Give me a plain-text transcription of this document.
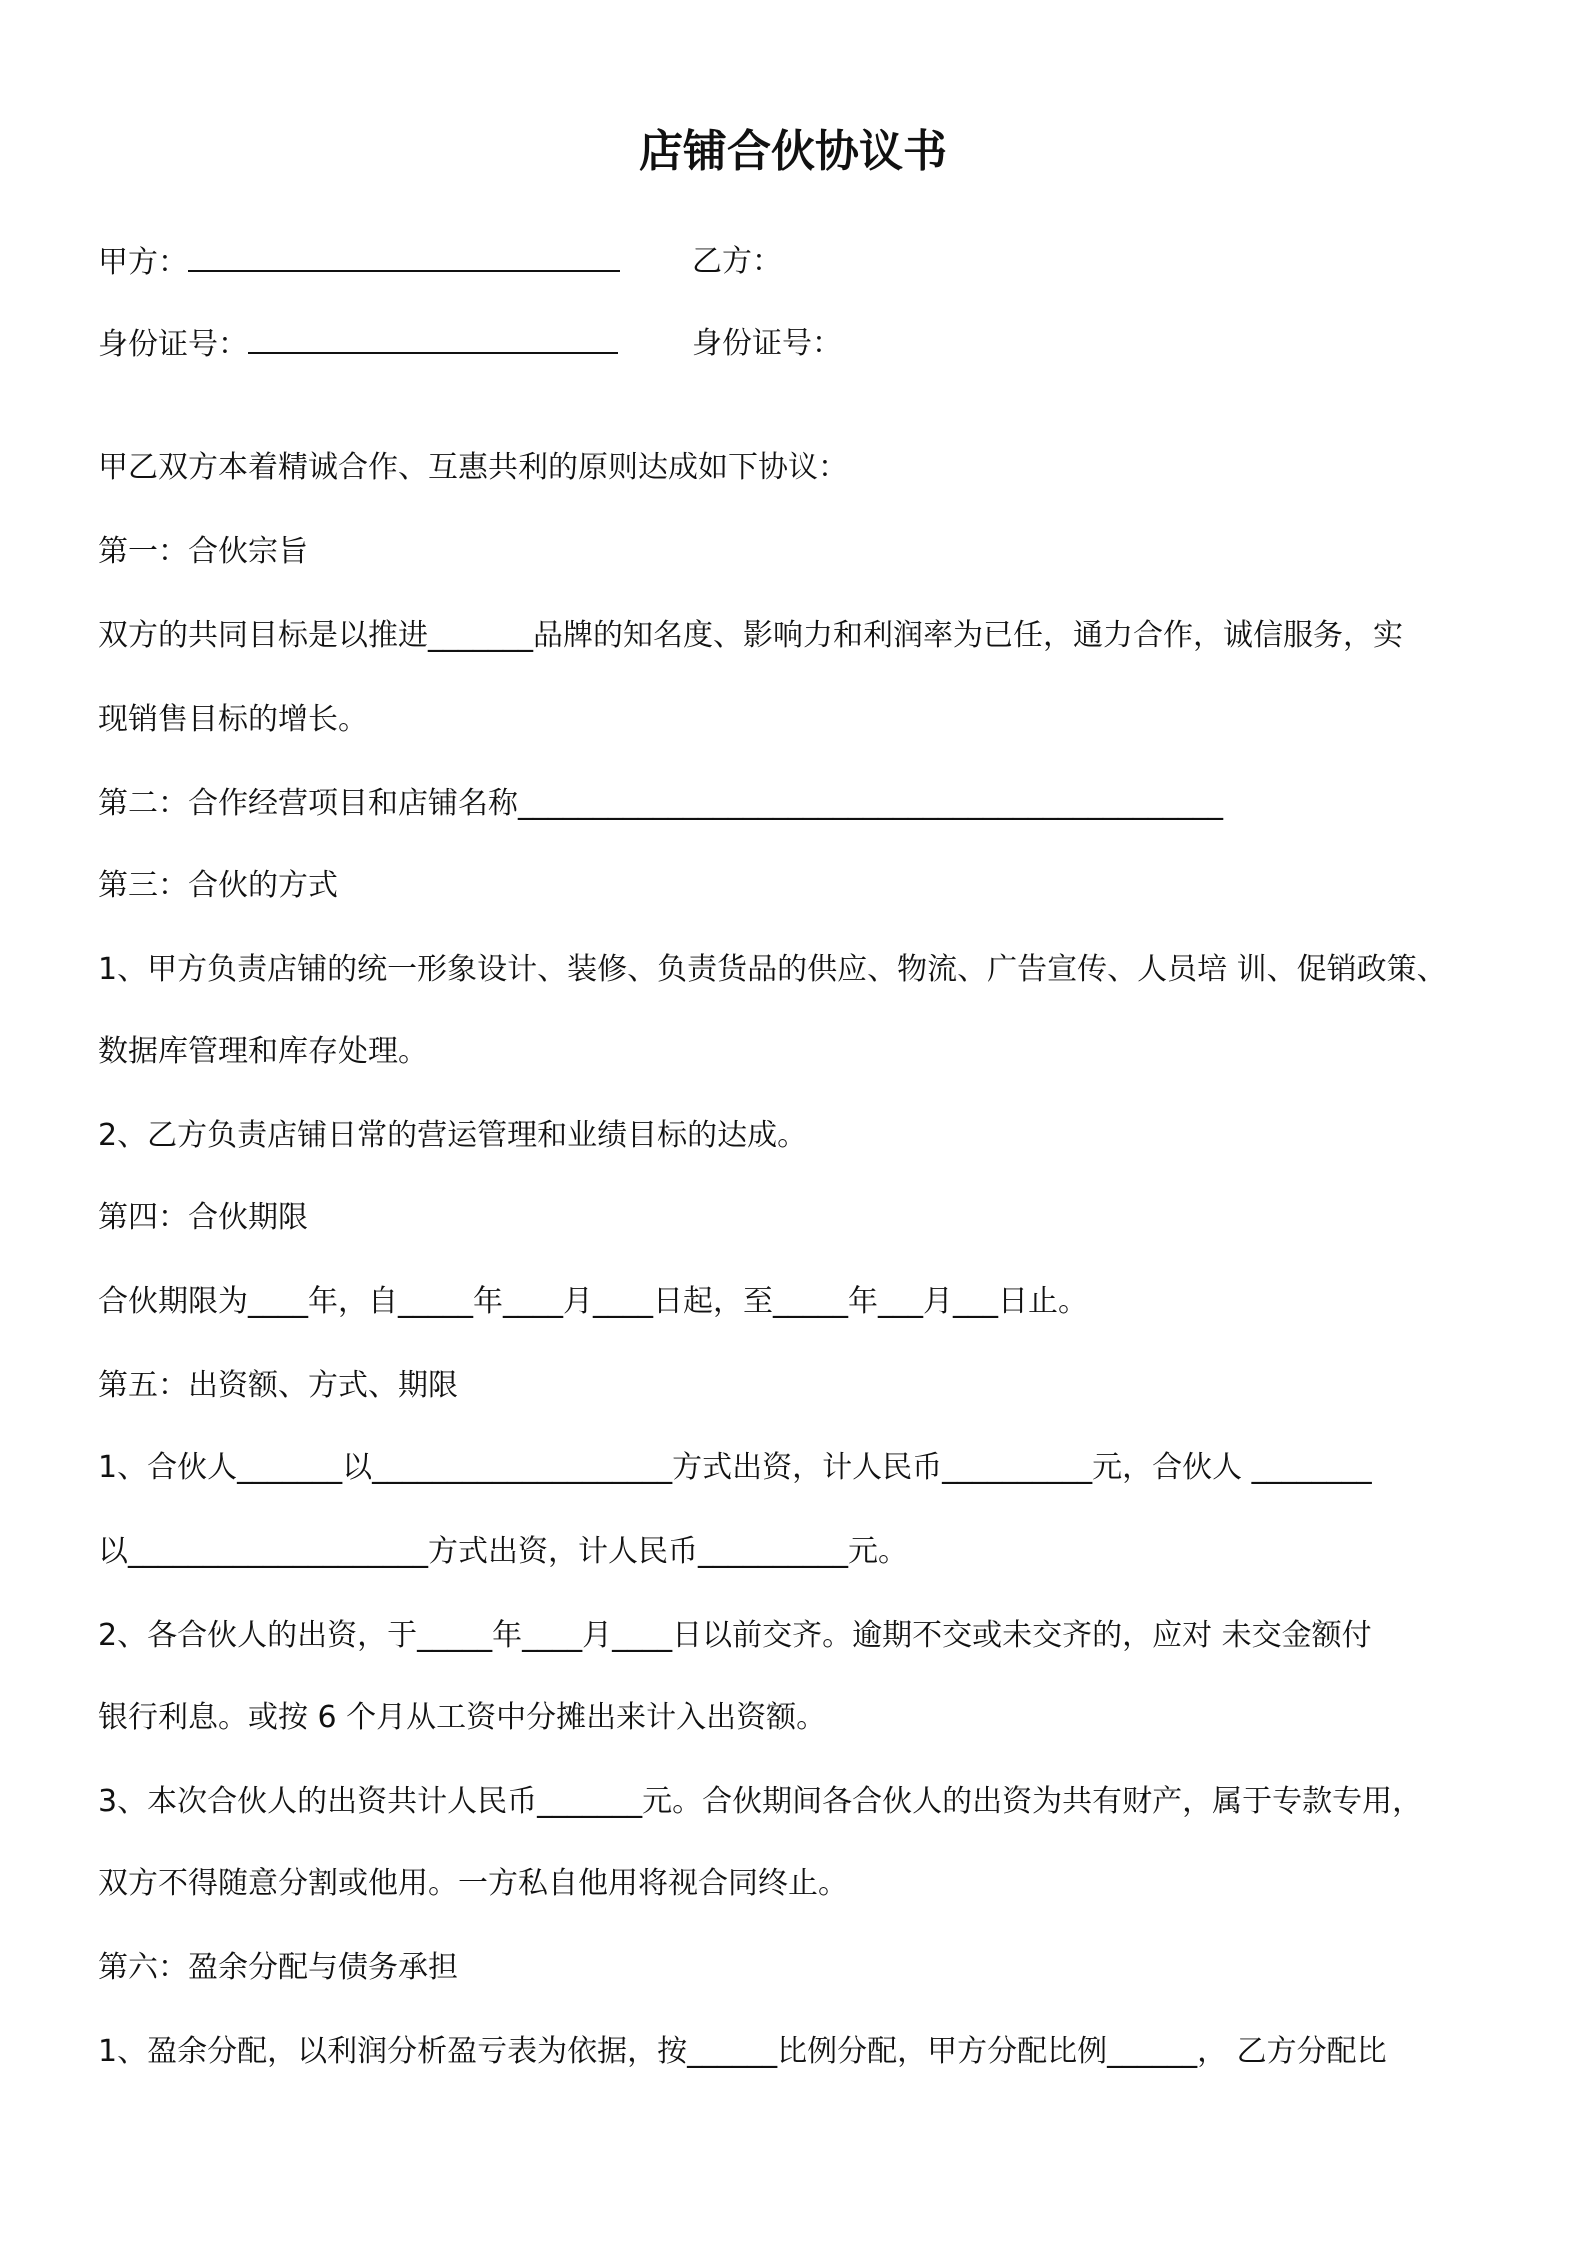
店铺合伙协议书
甲方：	乙方：
身份证号：	身份证号：
甲乙双方本着精诚合作、互惠共利的原则达成如下协议：
第一：合伙宗旨
双方的共同目标是以推进_______品牌的知名度、影响力和利润率为已任，通力合作，诚信服务，实
现销售目标的增长。
第二：合作经营项目和店铺名称_______________________________________________
第三：合伙的方式
1、甲方负责店铺的统一形象设计、装修、负责货品的供应、物流、广告宣传、人员培 训、促销政策、
数据库管理和库存处理。
2、乙方负责店铺日常的营运管理和业绩目标的达成。
第四：合伙期限
合伙期限为____年，自_____年____月____日起，至_____年___月___日止。
第五：出资额、方式、期限
1、合伙人_______以____________________方式出资，计人民币__________元，合伙人 ________
以____________________方式出资，计人民币__________元。
2、各合伙人的出资，于_____年____月____日以前交齐。逾期不交或未交齐的，应对 未交金额付
银行利息。或按 6 个月从工资中分摊出来计入出资额。
3、本次合伙人的出资共计人民币_______元。合伙期间各合伙人的出资为共有财产，属于专款专用，
双方不得随意分割或他用。一方私自他用将视合同终止。
第六：盈余分配与债务承担
1、盈余分配，以利润分析盈亏表为依据，按______比例分配，甲方分配比例______， 乙方分配比
